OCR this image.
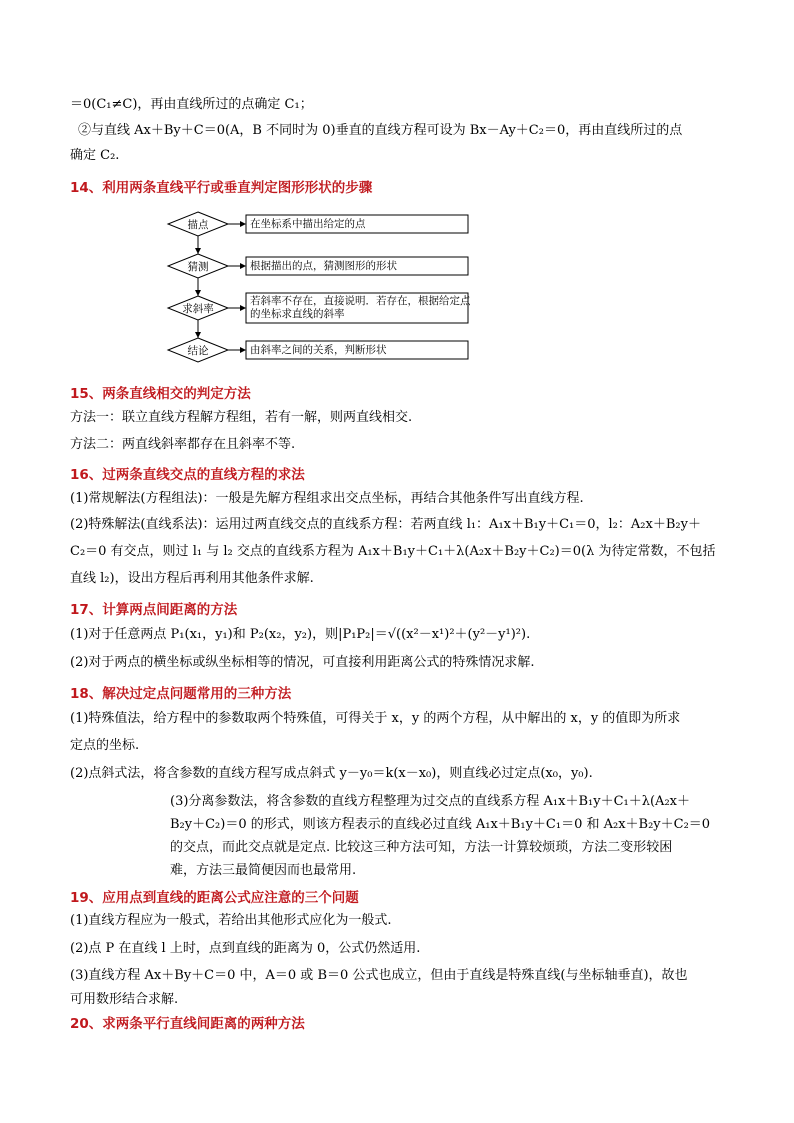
＝0(C₁≠C)，再由直线所过的点确定 C₁；
②与直线 Ax＋By＋C＝0(A，B 不同时为 0)垂直的直线方程可设为 Bx－Ay＋C₂＝0，再由直线所过的点
确定 C₂.
14、利用两条直线平行或垂直判定图形形状的步骤
描点
猜测
求斜率
结论
在坐标系中描出给定的点
根据描出的点，猜测图形的形状
若斜率不存在，直接说明．若存在，根据给定点
的坐标求直线的斜率
由斜率之间的关系，判断形状
15、两条直线相交的判定方法
方法一：联立直线方程解方程组，若有一解，则两直线相交.
方法二：两直线斜率都存在且斜率不等.
16、过两条直线交点的直线方程的求法
(1)常规解法(方程组法)：一般是先解方程组求出交点坐标，再结合其他条件写出直线方程.
(2)特殊解法(直线系法)：运用过两直线交点的直线系方程：若两直线 l₁：A₁x＋B₁y＋C₁＝0，l₂：A₂x＋B₂y＋
C₂＝0 有交点，则过 l₁ 与 l₂ 交点的直线系方程为 A₁x＋B₁y＋C₁＋λ(A₂x＋B₂y＋C₂)＝0(λ 为待定常数，不包括
直线 l₂)，设出方程后再利用其他条件求解.
17、计算两点间距离的方法
(1)对于任意两点 P₁(x₁，y₁)和 P₂(x₂，y₂)，则|P₁P₂|＝√((x²－x¹)²＋(y²－y¹)²).
(2)对于两点的横坐标或纵坐标相等的情况，可直接利用距离公式的特殊情况求解.
18、解决过定点问题常用的三种方法
(1)特殊值法，给方程中的参数取两个特殊值，可得关于 x，y 的两个方程，从中解出的 x，y 的值即为所求
定点的坐标.
(2)点斜式法，将含参数的直线方程写成点斜式 y－y₀＝k(x－x₀)，则直线必过定点(x₀，y₀).
(3)分离参数法，将含参数的直线方程整理为过交点的直线系方程 A₁x＋B₁y＋C₁＋λ(A₂x＋
B₂y＋C₂)＝0 的形式，则该方程表示的直线必过直线 A₁x＋B₁y＋C₁＝0 和 A₂x＋B₂y＋C₂＝0
的交点，而此交点就是定点. 比较这三种方法可知，方法一计算较烦琐，方法二变形较困
难，方法三最简便因而也最常用.
19、应用点到直线的距离公式应注意的三个问题
(1)直线方程应为一般式，若给出其他形式应化为一般式.
(2)点 P 在直线 l 上时，点到直线的距离为 0，公式仍然适用.
(3)直线方程 Ax＋By＋C＝0 中，A＝0 或 B＝0 公式也成立，但由于直线是特殊直线(与坐标轴垂直)，故也
可用数形结合求解.
20、求两条平行直线间距离的两种方法
